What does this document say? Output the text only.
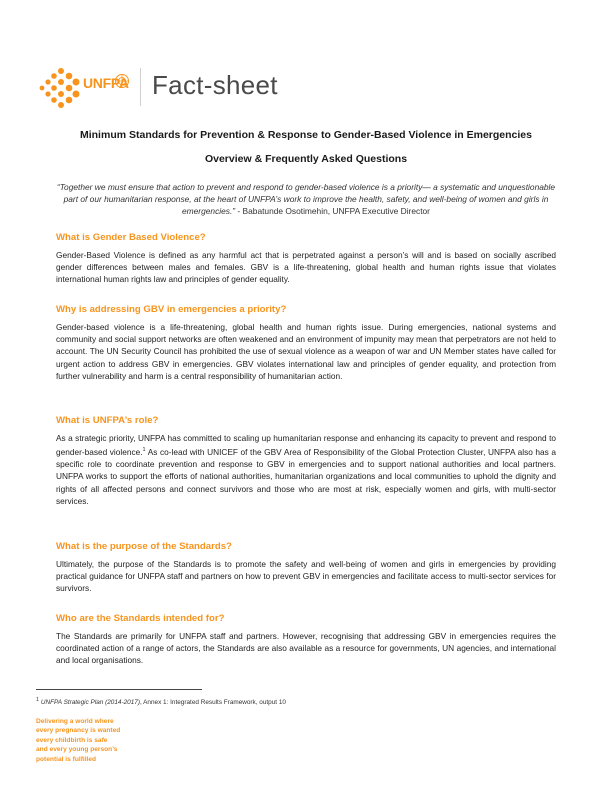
UNFPA Fact-sheet
Minimum Standards for Prevention & Response to Gender-Based Violence in Emergencies
Overview & Frequently Asked Questions
“Together we must ensure that action to prevent and respond to gender-based violence is a priority— a systematic and unquestionable part of our humanitarian response, at the heart of UNFPA’s work to improve the health, safety, and well-being of women and girls in emergencies.” - Babatunde Osotimehin, UNFPA Executive Director
What is Gender Based Violence?
Gender-Based Violence is defined as any harmful act that is perpetrated against a person’s will and is based on socially ascribed gender differences between males and females. GBV is a life-threatening, global health and human rights issue that violates international human rights law and principles of gender equality.
Why is addressing GBV in emergencies a priority?
Gender-based violence is a life-threatening, global health and human rights issue. During emergencies, national systems and community and social support networks are often weakened and an environment of impunity may mean that perpetrators are not held to account. The UN Security Council has prohibited the use of sexual violence as a weapon of war and UN Member states have called for urgent action to address GBV in emergencies. GBV violates international law and principles of gender equality, and protection from further vulnerability and harm is a central responsibility of humanitarian action.
What is UNFPA’s role?
As a strategic priority, UNFPA has committed to scaling up humanitarian response and enhancing its capacity to prevent and respond to gender-based violence.$^1$ As co-lead with UNICEF of the GBV Area of Responsibility of the Global Protection Cluster, UNFPA also has a specific role to coordinate prevention and response to GBV in emergencies and to support national authorities and local partners. UNFPA works to support the efforts of national authorities, humanitarian organizations and local communities to uphold the dignity and rights of all affected persons and connect survivors and those who are most at risk, especially women and girls, with multi-sector services.
What is the purpose of the Standards?
Ultimately, the purpose of the Standards is to promote the safety and well-being of women and girls in emergencies by providing practical guidance for UNFPA staff and partners on how to prevent GBV in emergencies and facilitate access to multi-sector services for survivors.
Who are the Standards intended for?
The Standards are primarily for UNFPA staff and partners. However, recognising that addressing GBV in emergencies requires the coordinated action of a range of actors, the Standards are also available as a resource for governments, UN agencies, and international and local organisations.
$^1$ UNFPA Strategic Plan (2014-2017), Annex 1: Integrated Results Framework, output 10
Delivering a world where
every pregnancy is wanted
every childbirth is safe
and every young person’s
potential is fulfilled
